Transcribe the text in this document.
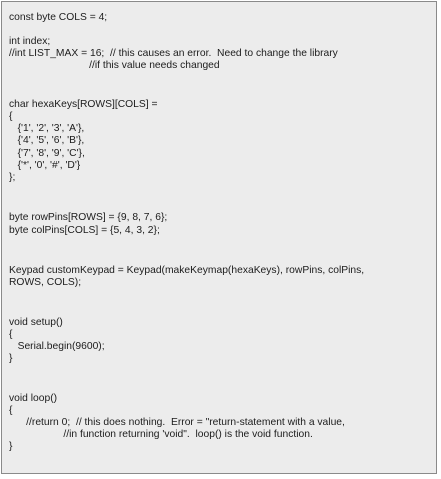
const byte COLS = 4;
int index;
//int LIST_MAX = 16;  // this causes an error.  Need to change the library
//if this value needs changed
char hexaKeys[ROWS][COLS] =
{
{'1', '2', '3', 'A'},
{'4', '5', '6', 'B'},
{'7', '8', '9', 'C'},
{'*', '0', '#', 'D'}
};
byte rowPins[ROWS] = {9, 8, 7, 6};
byte colPins[COLS] = {5, 4, 3, 2};
Keypad customKeypad = Keypad(makeKeymap(hexaKeys), rowPins, colPins,
ROWS, COLS);
void setup()
{
Serial.begin(9600);
}
void loop()
{
//return 0;  // this does nothing.  Error = "return-statement with a value,
//in function returning 'void".  loop() is the void function.
}
